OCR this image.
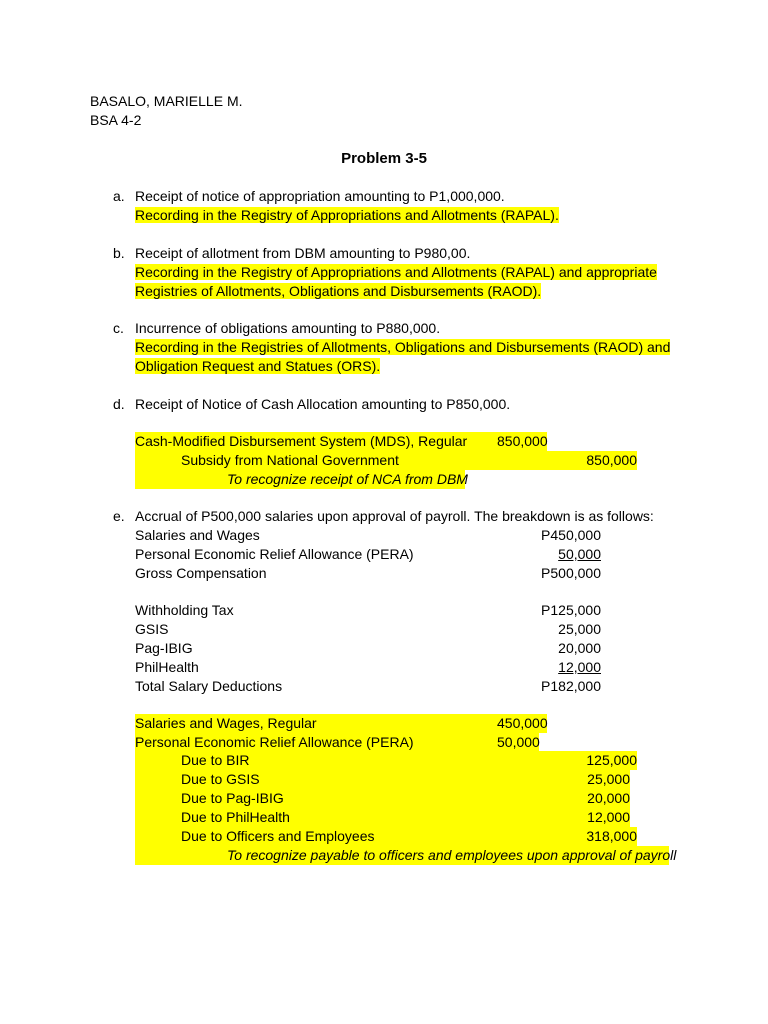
BASALO, MARIELLE M.
BSA 4-2
Problem 3-5
a. Receipt of notice of appropriation amounting to P1,000,000.
Recording in the Registry of Appropriations and Allotments (RAPAL).
b. Receipt of allotment from DBM amounting to P980,00.
Recording in the Registry of Appropriations and Allotments (RAPAL) and appropriate
Registries of Allotments, Obligations and Disbursements (RAOD).
c. Incurrence of obligations amounting to P880,000.
Recording in the Registries of Allotments, Obligations and Disbursements (RAOD) and
Obligation Request and Statues (ORS).
d. Receipt of Notice of Cash Allocation amounting to P850,000.
Cash-Modified Disbursement System (MDS), Regular 850,000
Subsidy from National Government	850,000
To recognize receipt of NCA from DBM
e. Accrual of P500,000 salaries upon approval of payroll. The breakdown is as follows:
Salaries and Wages	P450,000
Personal Economic Relief Allowance (PERA)	50,000
Gross Compensation	P500,000
Withholding Tax	P125,000
GSIS	25,000
Pag-IBIG	20,000
PhilHealth	12,000
Total Salary Deductions	P182,000
Salaries and Wages, Regular	450,000
Personal Economic Relief Allowance (PERA)	50,000
Due to BIR	125,000
Due to GSIS	25,000
Due to Pag-IBIG	20,000
Due to PhilHealth	12,000
Due to Officers and Employees	318,000
To recognize payable to officers and employees upon approval of payroll
